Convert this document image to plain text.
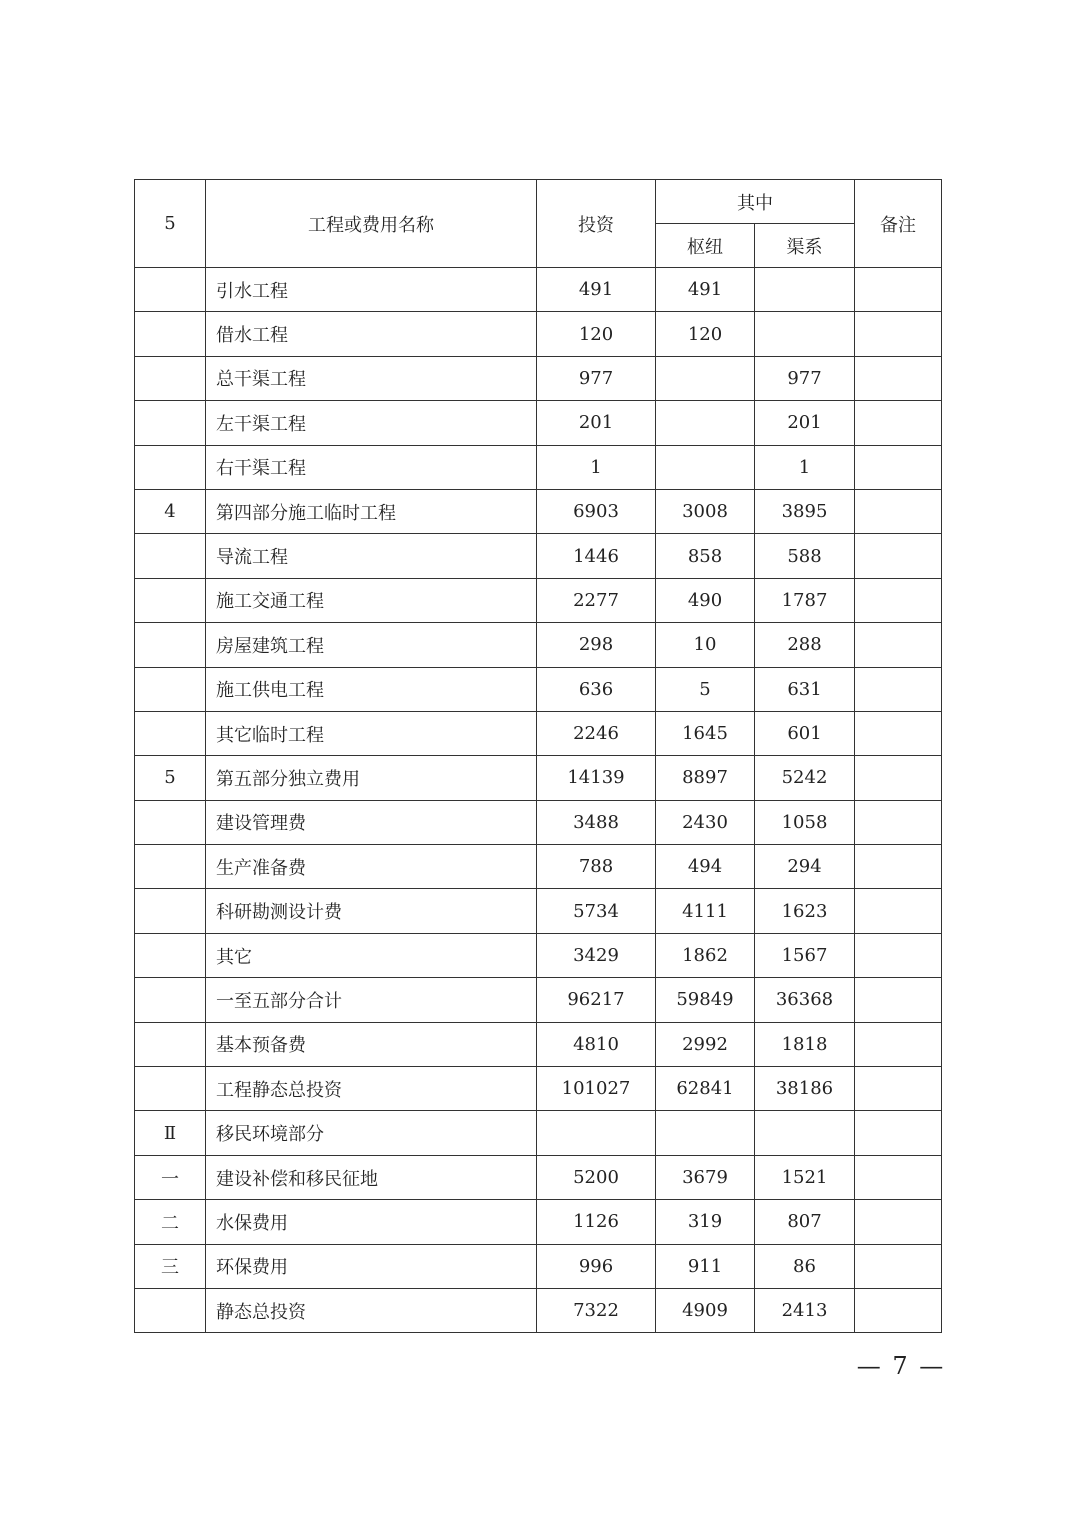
5	工程或费用名称	投资	其中		备注
			枢纽	渠系	
	引水工程	491	491		
	借水工程	120	120		
	总干渠工程	977		977	
	左干渠工程	201		201	
	右干渠工程	1		1	
4	第四部分施工临时工程	6903	3008	3895	
	导流工程	1446	858	588	
	施工交通工程	2277	490	1787	
	房屋建筑工程	298	10	288	
	施工供电工程	636	5	631	
	其它临时工程	2246	1645	601	
5	第五部分独立费用	14139	8897	5242	
	建设管理费	3488	2430	1058	
	生产准备费	788	494	294	
	科研勘测设计费	5734	4111	1623	
	其它	3429	1862	1567	
	一至五部分合计	96217	59849	36368	
	基本预备费	4810	2992	1818	
	工程静态总投资	101027	62841	38186	
Ⅱ	移民环境部分				
一	建设补偿和移民征地	5200	3679	1521	
二	水保费用	1126	319	807	
三	环保费用	996	911	86	
	静态总投资	7322	4909	2413	
— 7 —
